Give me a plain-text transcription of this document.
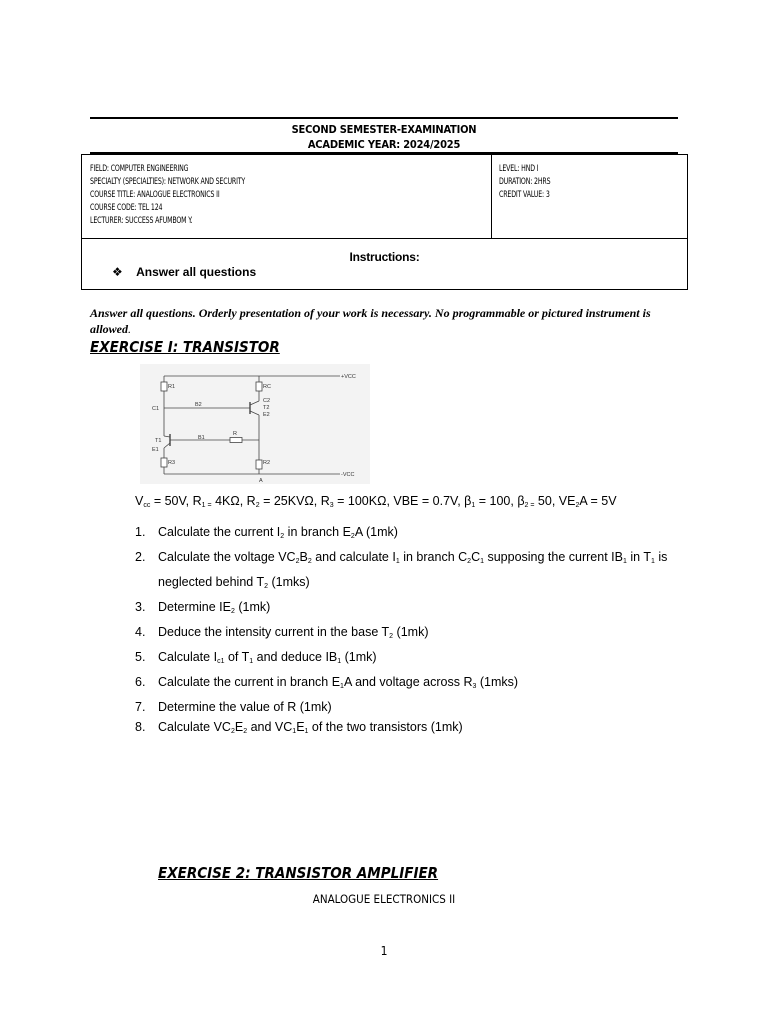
SECOND SEMESTER-EXAMINATION
ACADEMIC YEAR: 2024/2025
FIELD: COMPUTER ENGINEERING
SPECIALTY (SPECIALTIES): NETWORK AND SECURITY
COURSE TITLE: ANALOGUE ELECTRONICS II
COURSE CODE: TEL 124
LECTURER: SUCCESS AFUMBOM Y.
LEVEL: HND I
DURATION: 2HRS
CREDIT VALUE: 3
Instructions:
❖ Answer all questions
Answer all questions. Orderly presentation of your work is necessary. No programmable or pictured instrument is allowed.
EXERCISE I: TRANSISTOR
+VCC
-VCC
R1	RC
C1
B2
C2
T2
E2
T1	B1
R
E1
R3	R2
A
$V_{cc} = 50V$, $R_{1 =}$ 4KΩ, $R_2 = 25KV\Omega$, $R_3 = 100K\Omega$, VBE = 0.7V, $\beta_1 = 100$, $\beta_{2 =}$ 50, $VE_2A = 5V$
1. Calculate the current $I_2$ in branch $E_2A$ (1mk)
2. Calculate the voltage $VC_2B_2$ and calculate $I_1$ in branch $C_2C_1$ supposing the current $IB_1$ in $T_1$ is neglected behind $T_2$ (1mks)
3. Determine $IE_2$ (1mk)
4. Deduce the intensity current in the base $T_2$ (1mk)
5. Calculate $I_{c1}$ of $T_1$ and deduce $IB_1$ (1mk)
6. Calculate the current in branch $E_1A$ and voltage across $R_3$ (1mks)
7. Determine the value of R (1mk)
8. Calculate $VC_2E_2$ and $VC_1E_1$ of the two transistors (1mk)
EXERCISE 2: TRANSISTOR AMPLIFIER
ANALOGUE ELECTRONICS II
1
